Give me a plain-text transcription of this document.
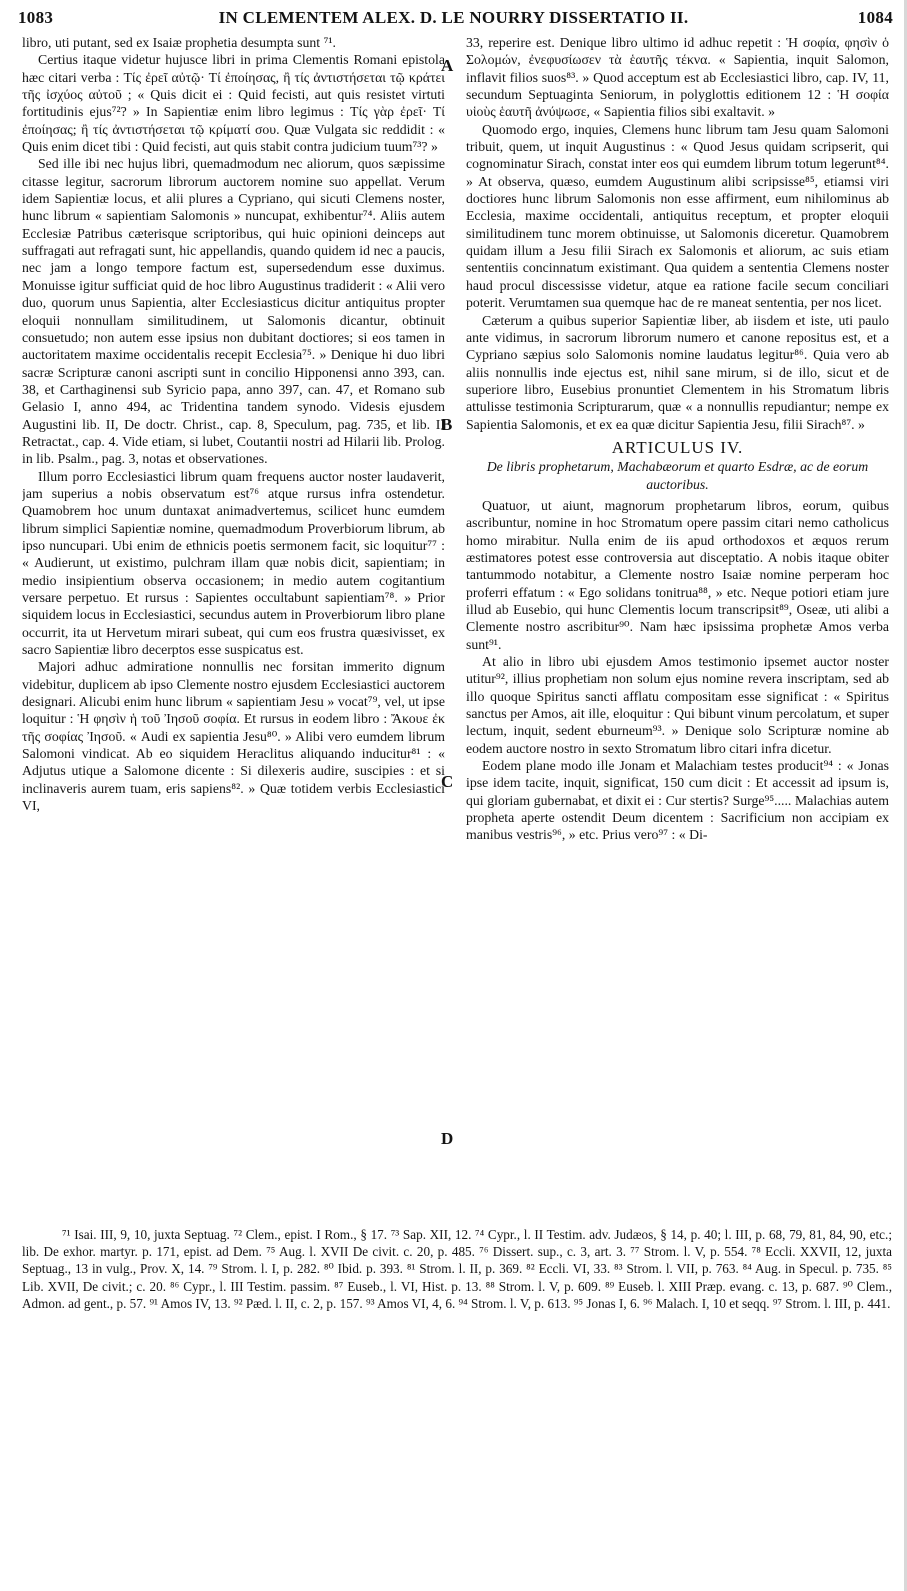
1083	IN CLEMENTEM ALEX. D. LE NOURRY DISSERTATIO II.	1084

libro, uti putant, sed ex Isaiæ prophetia desumpta sunt ⁷¹.

Certius itaque videtur hujusce libri in prima Clementis Romani epistola hæc citari verba : Τίς ἐρεῖ αὐτῷ· Τί ἐποίησας, ἢ τίς ἀντιστήσεται τῷ κράτει τῆς ἰσχύος αὐτοῦ ; « Quis dicit ei : Quid fecisti, aut quis resistet virtuti fortitudinis ejus⁷²? » In Sapientiæ enim libro legimus : Τίς γὰρ ἐρεῖ· Τί ἐποίησας; ἢ τίς ἀντιστήσεται τῷ κρίματί σου. Quæ Vulgata sic reddidit : « Quis enim dicet tibi : Quid fecisti, aut quis stabit contra judicium tuum⁷³? »

Sed ille ibi nec hujus libri, quemadmodum nec aliorum, quos sæpissime citasse legitur, sacrorum librorum auctorem nomine suo appellat. Verum idem Sapientiæ locus, et alii plures a Cypriano, qui sicuti Clemens noster, hunc librum « sapientiam Salomonis » nuncupat, exhibentur⁷⁴. Aliis autem Ecclesiæ Patribus cæterisque scriptoribus, qui huic opinioni deinceps aut suffragati aut refragati sunt, hic appellandis, quando quidem id nec a paucis, nec jam a longo tempore factum est, supersedendum esse duximus. Monuisse igitur sufficiat quid de hoc libro Augustinus tradiderit : « Alii vero duo, quorum unus Sapientia, alter Ecclesiasticus dicitur antiquitus propter eloquii nonnullam similitudinem, ut Salomonis dicantur, obtinuit consuetudo; non autem esse ipsius non dubitant doctiores; si eos tamen in auctoritatem maxime occidentalis recepit Ecclesia⁷⁵. » Denique hi duo libri sacræ Scripturæ canoni ascripti sunt in concilio Hipponensi anno 393, can. 38, et Carthaginensi sub Syricio papa, anno 397, can. 47, et Romano sub Gelasio I, anno 494, ac Tridentina tandem synodo. Videsis ejusdem Augustini lib. II, De doctr. Christ., cap. 8, Speculum, pag. 735, et lib. II Retractat., cap. 4. Vide etiam, si lubet, Coutantii nostri ad Hilarii lib. Prolog. in lib. Psalm., pag. 3, notas et observationes.

Illum porro Ecclesiastici librum quam frequens auctor noster laudaverit, jam superius a nobis observatum est⁷⁶ atque rursus infra ostendetur. Quamobrem hoc unum duntaxat animadvertemus, scilicet hunc eumdem librum simplici Sapientiæ nomine, quemadmodum Proverbiorum librum, ab ipso nuncupari. Ubi enim de ethnicis poetis sermonem facit, sic loquitur⁷⁷ : « Audierunt, ut existimo, pulchram illam quæ nobis dicit, sapientiam; in medio insipientium observa occasionem; in medio autem cogitantium versare perpetuo. Et rursus : Sapientes occultabunt sapientiam⁷⁸. » Prior siquidem locus in Ecclesiastici, secundus autem in Proverbiorum libro plane occurrit, ita ut Hervetum mirari subeat, qui cum eos frustra quæsivisset, ex sacro Sapientiæ libro decerptos esse suspicatus est.

Majori adhuc admiratione nonnullis nec forsitan immerito dignum videbitur, duplicem ab ipso Clemente nostro ejusdem Ecclesiastici auctorem designari. Alicubi enim hunc librum « sapientiam Jesu » vocat⁷⁹, vel, ut ipse loquitur : Ἡ φησὶν ἡ τοῦ Ἰησοῦ σοφία. Et rursus in eodem libro : Ἄκουε ἐκ τῆς σοφίας Ἰησοῦ. « Audi ex sapientia Jesu⁸⁰. » Alibi vero eumdem librum Salomoni vindicat. Ab eo siquidem Heraclitus aliquando inducitur⁸¹ : « Adjutus utique a Salomone dicente : Si dilexeris audire, suscipies : et si inclinaveris aurem tuam, eris sapiens⁸². » Quæ totidem verbis Ecclesiastici VI,

A
B
C
D

33, reperire est. Denique libro ultimo id adhuc repetit : Ἡ σοφία, φησὶν ὁ Σολομών, ἐνεφυσίωσεν τὰ ἑαυτῆς τέκνα. « Sapientia, inquit Salomon, inflavit filios suos⁸³. » Quod acceptum est ab Ecclesiastici libro, cap. IV, 11, secundum Septuaginta Seniorum, in polyglottis editionem 12 : Ἡ σοφία υἱοὺς ἑαυτῆ ἀνύψωσε, « Sapientia filios sibi exaltavit. »

Quomodo ergo, inquies, Clemens hunc librum tam Jesu quam Salomoni tribuit, quem, ut inquit Augustinus : « Quod Jesus quidam scripserit, qui cognominatur Sirach, constat inter eos qui eumdem librum totum legerunt⁸⁴. » At observa, quæso, eumdem Augustinum alibi scripsisse⁸⁵, etiamsi viri doctiores hunc librum Salomonis non esse affirment, eum nihilominus ab Ecclesia, maxime occidentali, antiquitus receptum, et propter eloquii similitudinem tunc morem obtinuisse, ut Salomonis diceretur. Quamobrem quidam illum a Jesu filii Sirach ex Salomonis et aliorum, ac suis etiam sententiis concinnatum existimant. Qua quidem a sententia Clemens noster haud procul discessisse videtur, atque ea ratione facile secum conciliari poterit. Verumtamen sua quemque hac de re maneat sententia, per nos licet.

Cæterum a quibus superior Sapientiæ liber, ab iisdem et iste, uti paulo ante vidimus, in sacrorum librorum numero et canone repositus est, et a Cypriano sæpius solo Salomonis nomine laudatus legitur⁸⁶. Quia vero ab aliis nonnullis inde ejectus est, nihil sane mirum, si de illo, sicut et de superiore libro, Eusebius pronuntiet Clementem in his Stromatum libris attulisse testimonia Scripturarum, quæ « a nonnullis repudiantur; nempe ex Sapientia Salomonis, et ex ea quæ dicitur Sapientia Jesu, filii Sirach⁸⁷. »

ARTICULUS IV.

De libris prophetarum, Machabæorum et quarto Esdræ, ac de eorum auctoribus.

Quatuor, ut aiunt, magnorum prophetarum libros, eorum, quibus ascribuntur, nomine in hoc Stromatum opere passim citari nemo catholicus homo mirabitur. Nulla enim de iis apud orthodoxos et æquos rerum æstimatores potest esse controversia aut disceptatio. A nobis itaque obiter tantummodo notabitur, a Clemente nostro Isaiæ nomine perperam hoc proferri effatum : « Ego solidans tonitrua⁸⁸, » etc. Neque potiori etiam jure illud ab Eusebio, qui hunc Clementis locum transcripsit⁸⁹, Oseæ, uti alibi a Clemente nostro ascribitur⁹⁰. Nam hæc ipsissima prophetæ Amos verba sunt⁹¹.

At alio in libro ubi ejusdem Amos testimonio ipsemet auctor noster utitur⁹², illius prophetiam non solum ejus nomine revera inscriptam, sed ab illo quoque Spiritus sancti afflatu compositam esse significat : « Spiritus sanctus per Amos, ait ille, eloquitur : Qui bibunt vinum percolatum, et super lectum, inquit, sedent eburneum⁹³. » Denique solo Scripturæ nomine ab eodem auctore nostro in sexto Stromatum libro citari infra dicetur.

Eodem plane modo ille Jonam et Malachiam testes producit⁹⁴ : « Jonas ipse idem tacite, inquit, significat, 150 cum dicit : Et accessit ad ipsum is, qui gloriam gubernabat, et dixit ei : Cur stertis? Surge⁹⁵..... Malachias autem propheta aperte ostendit Deum dicentem : Sacrificium non accipiam ex manibus vestris⁹⁶, » etc. Prius vero⁹⁷ : « Di-

⁷¹ Isai. III, 9, 10, juxta Septuag. ⁷² Clem., epist. I Rom., § 17. ⁷³ Sap. XII, 12. ⁷⁴ Cypr., l. II Testim. adv. Judæos, § 14, p. 40; l. III, p. 68, 79, 81, 84, 90, etc.; lib. De exhor. martyr. p. 171, epist. ad Dem. ⁷⁵ Aug. l. XVII De civit. c. 20, p. 485. ⁷⁶ Dissert. sup., c. 3, art. 3. ⁷⁷ Strom. l. V, p. 554. ⁷⁸ Eccli. XXVII, 12, juxta Septuag., 13 in vulg., Prov. X, 14. ⁷⁹ Strom. l. I, p. 282. ⁸⁰ Ibid. p. 393. ⁸¹ Strom. l. II, p. 369. ⁸² Eccli. VI, 33. ⁸³ Strom. l. VII, p. 763. ⁸⁴ Aug. in Specul. p. 735. ⁸⁵ Lib. XVII, De civit.; c. 20. ⁸⁶ Cypr., l. III Testim. passim. ⁸⁷ Euseb., l. VI, Hist. p. 13. ⁸⁸ Strom. l. V, p. 609. ⁸⁹ Euseb. l. XIII Præp. evang. c. 13, p. 687. ⁹⁰ Clem., Admon. ad gent., p. 57. ⁹¹ Amos IV, 13. ⁹² Pæd. l. II, c. 2, p. 157. ⁹³ Amos VI, 4, 6. ⁹⁴ Strom. l. V, p. 613. ⁹⁵ Jonas I, 6. ⁹⁶ Malach. I, 10 et seqq. ⁹⁷ Strom. l. III, p. 441.
